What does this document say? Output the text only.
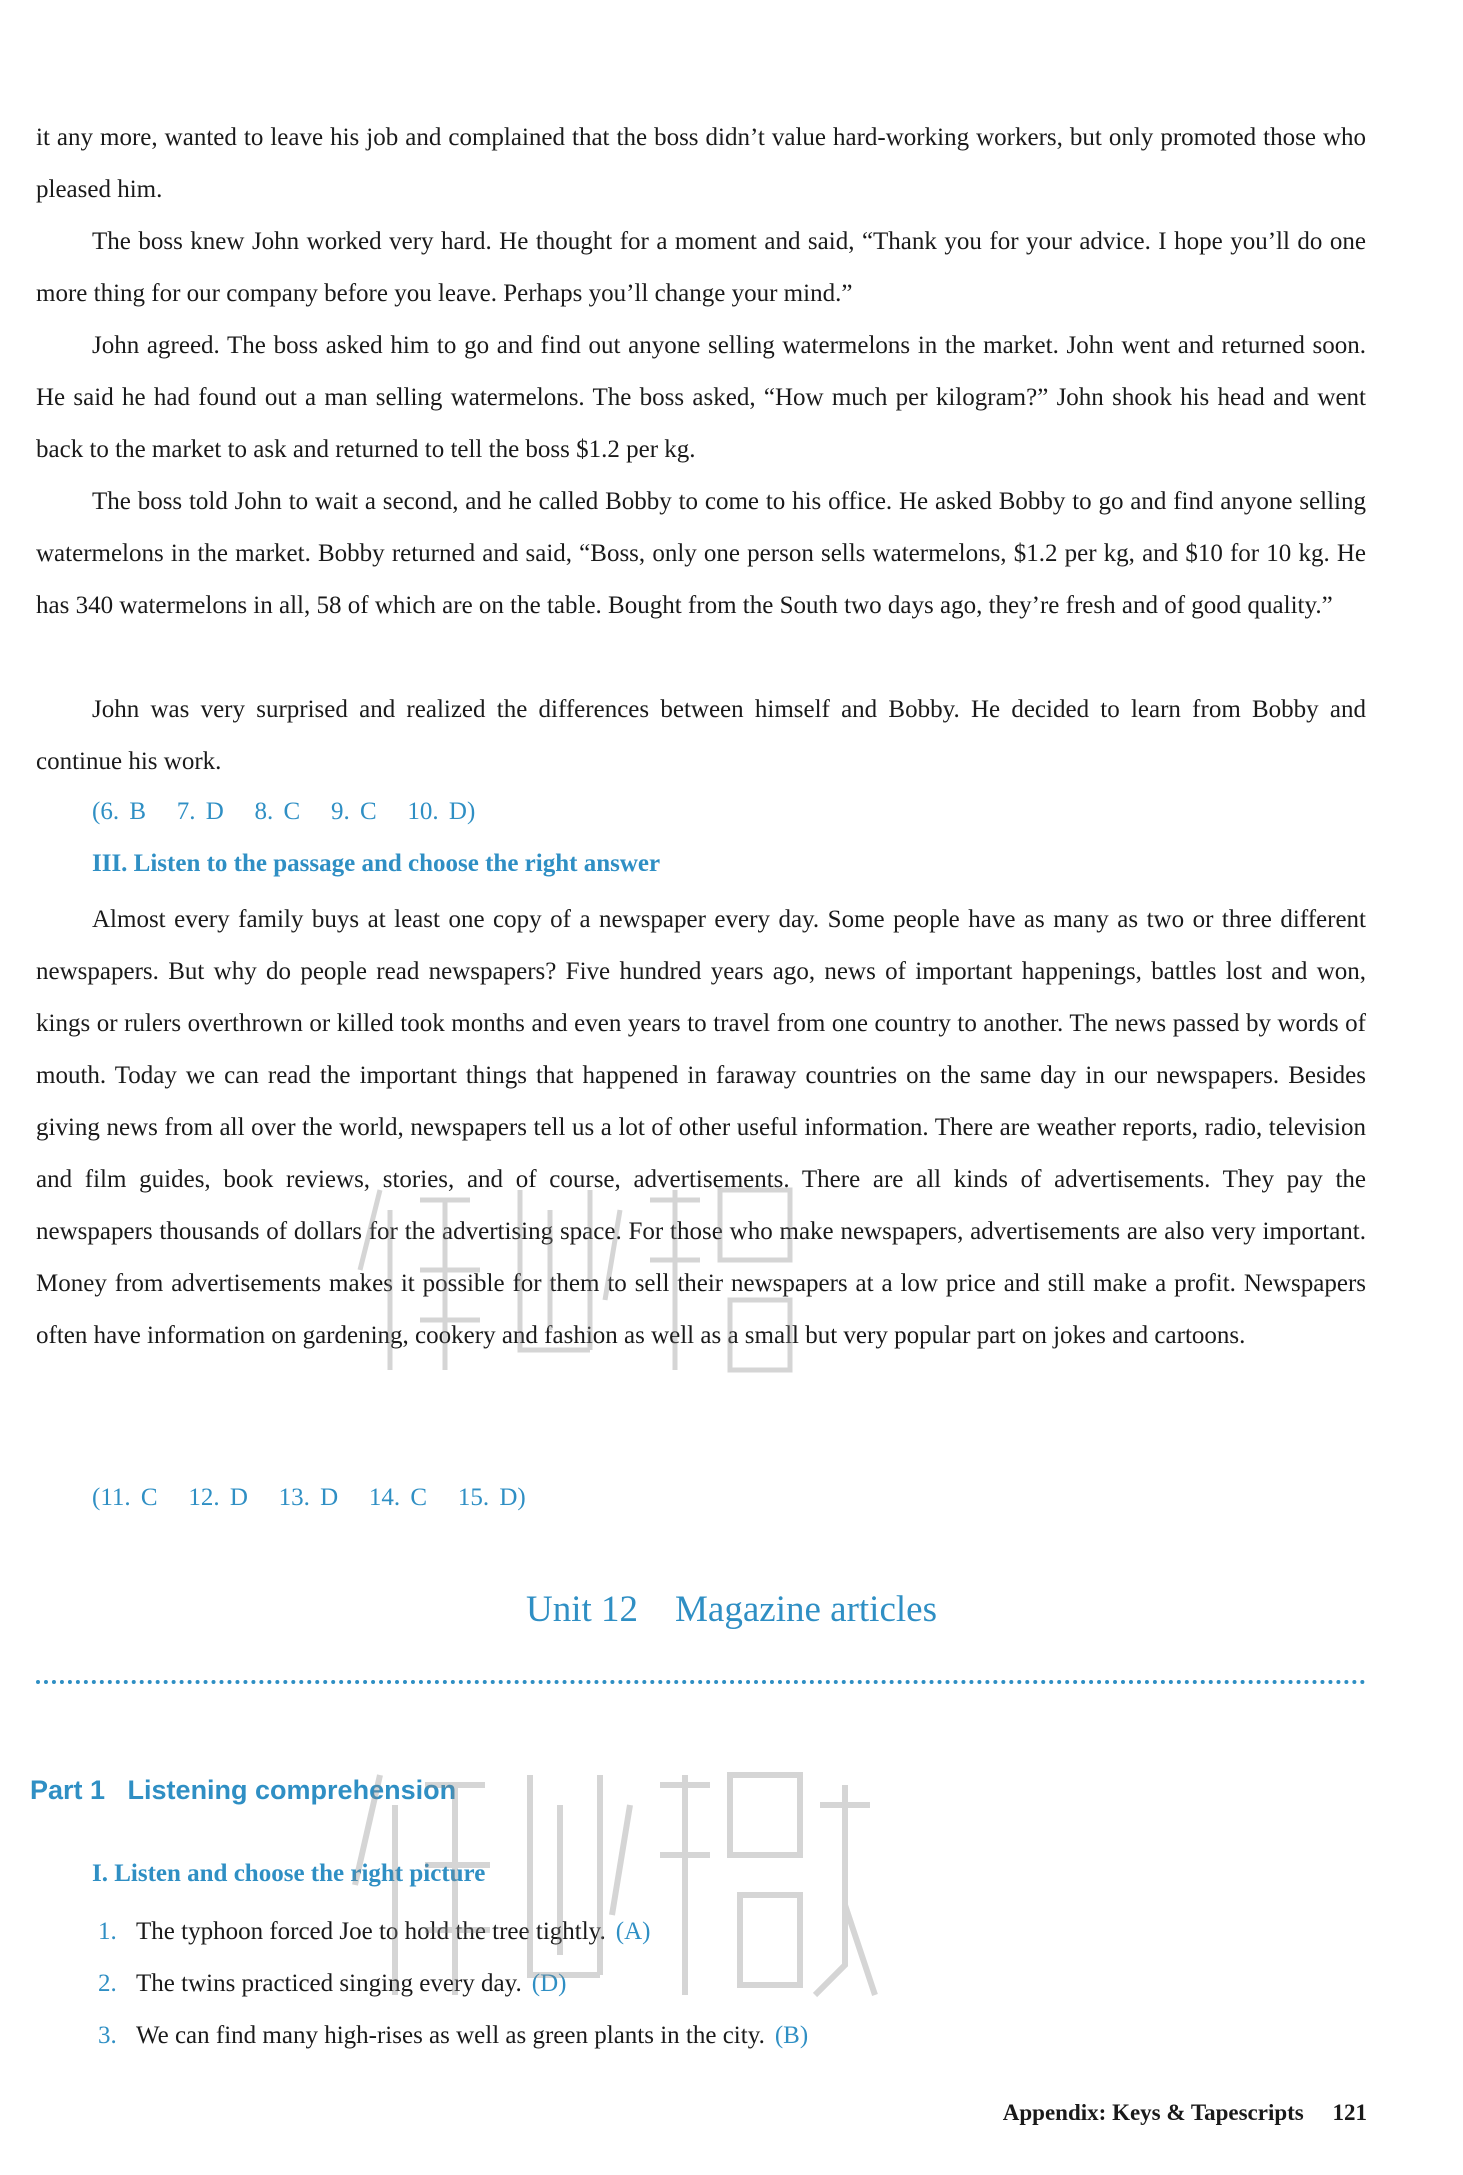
it any more, wanted to leave his job and complained that the boss didn’t value hard-working workers, but only promoted those who pleased him.

The boss knew John worked very hard. He thought for a moment and said, “Thank you for your advice. I hope you’ll do one more thing for our company before you leave. Perhaps you’ll change your mind.”

John agreed. The boss asked him to go and find out anyone selling watermelons in the market. John went and returned soon. He said he had found out a man selling watermelons. The boss asked, “How much per kilogram?” John shook his head and went back to the market to ask and returned to tell the boss $1.2 per kg.

The boss told John to wait a second, and he called Bobby to come to his office. He asked Bobby to go and find anyone selling watermelons in the market. Bobby returned and said, “Boss, only one person sells watermelons, $1.2 per kg, and $10 for 10 kg. He has 340 watermelons in all, 58 of which are on the table. Bought from the South two days ago, they’re fresh and of good quality.”

John was very surprised and realized the differences between himself and Bobby. He decided to learn from Bobby and continue his work.

(6. B   7. D   8. C   9. C   10. D)
III. Listen to the passage and choose the right answer

Almost every family buys at least one copy of a newspaper every day. Some people have as many as two or three different newspapers. But why do people read newspapers? Five hundred years ago, news of important happenings, battles lost and won, kings or rulers overthrown or killed took months and even years to travel from one country to another. The news passed by words of mouth. Today we can read the important things that happened in faraway countries on the same day in our newspapers. Besides giving news from all over the world, newspapers tell us a lot of other useful information. There are weather reports, radio, television and film guides, book reviews, stories, and of course, advertisements. There are all kinds of advertisements. They pay the newspapers thousands of dollars for the advertising space. For those who make newspapers, advertisements are also very important. Money from advertisements makes it possible for them to sell their newspapers at a low price and still make a profit. Newspapers often have information on gardening, cookery and fashion as well as a small but very popular part on jokes and cartoons.

(11. C   12. D   13. D   14. C   15. D)
Unit 12    Magazine articles
Part 1   Listening comprehension
I. Listen and choose the right picture
1. The typhoon forced Joe to hold the tree tightly. (A)
2. The twins practiced singing every day. (D)
3. We can find many high-rises as well as green plants in the city. (B)
Appendix: Keys & Tapescripts 121
